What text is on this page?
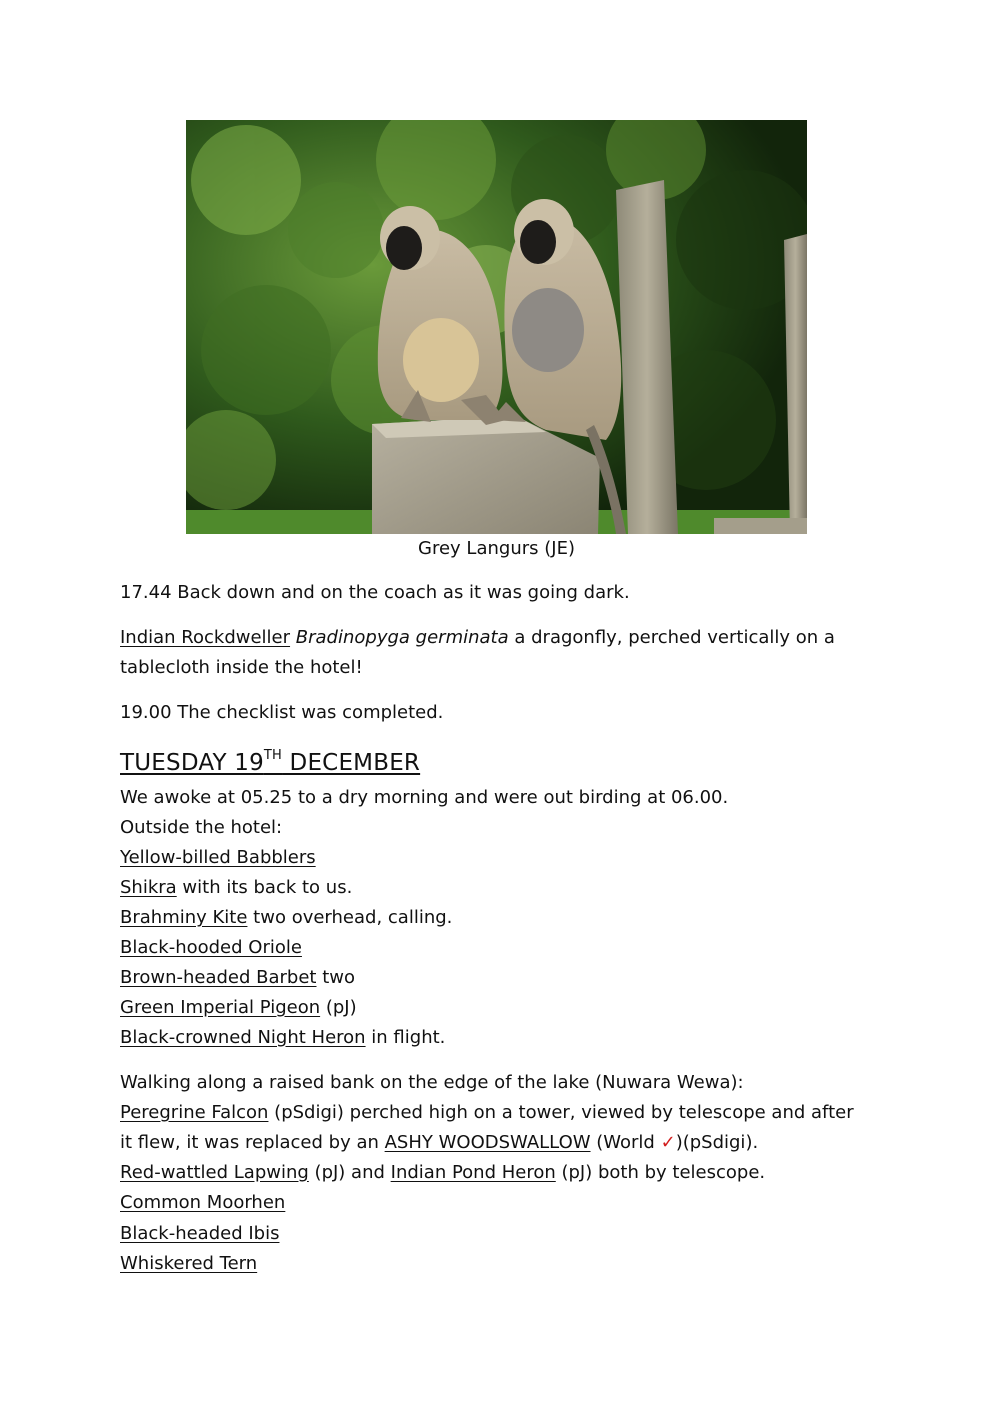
Grey Langurs (JE)
17.44 Back down and on the coach as it was going dark.
Indian Rockdweller Bradinopyga germinata a dragonfly, perched vertically on a
tablecloth inside the hotel!
19.00 The checklist was completed.
TUESDAY 19TH DECEMBER
We awoke at 05.25 to a dry morning and were out birding at 06.00.
Outside the hotel:
Yellow-billed Babblers
Shikra with its back to us.
Brahminy Kite two overhead, calling.
Black-hooded Oriole
Brown-headed Barbet two
Green Imperial Pigeon (pJ)
Black-crowned Night Heron in flight.
Walking along a raised bank on the edge of the lake (Nuwara Wewa):
Peregrine Falcon (pSdigi) perched high on a tower, viewed by telescope and after
it flew, it was replaced by an ASHY WOODSWALLOW (World ✓)(pSdigi).
Red-wattled Lapwing (pJ) and Indian Pond Heron (pJ) both by telescope.
Common Moorhen
Black-headed Ibis
Whiskered Tern
